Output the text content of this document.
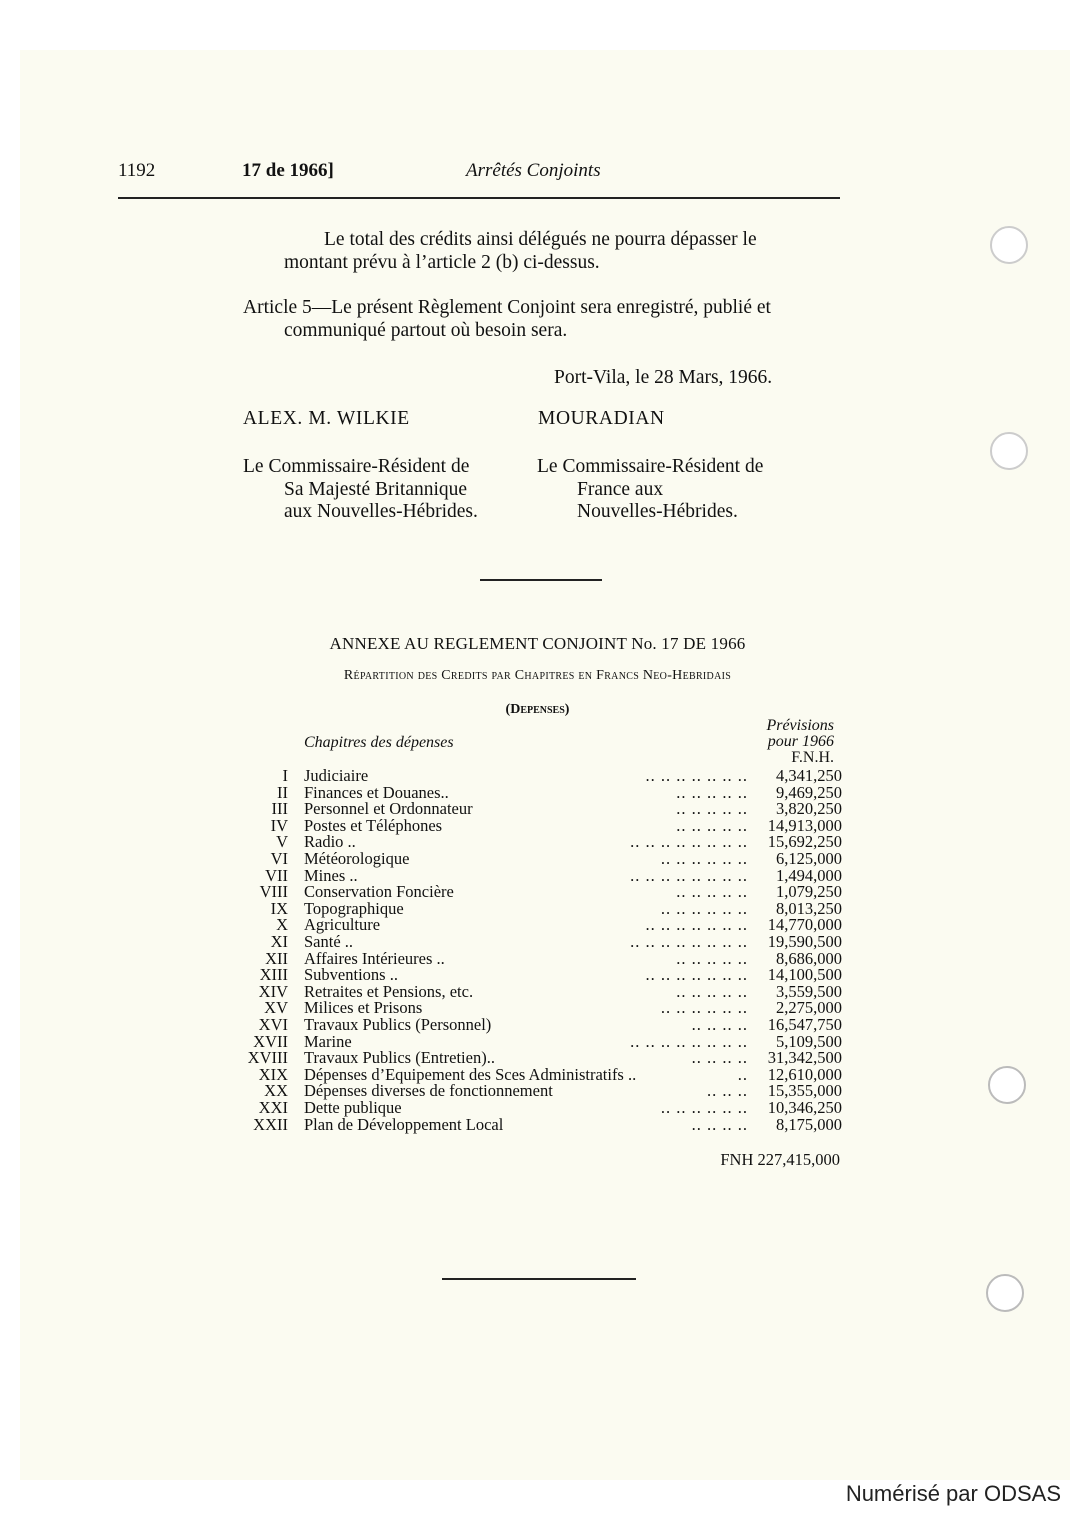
1192	17 de 1966]	Arrêtés Conjoints
Le total des crédits ainsi délégués ne pourra dépasser le
montant prévu à l’article 2 (b) ci-dessus.
Article 5—Le présent Règlement Conjoint sera enregistré, publié et
communiqué partout où besoin sera.
Port-Vila, le 28 Mars, 1966.
ALEX. M. WILKIE	MOURADIAN
Le Commissaire-Résident de
Sa Majesté Britannique
aux Nouvelles-Hébrides.
Le Commissaire-Résident de
France aux
Nouvelles-Hébrides.
ANNEXE AU REGLEMENT CONJOINT No. 17 DE 1966
Répartition des Credits par Chapitres en Francs Neo-Hebridais
(Depenses)
Chapitres des dépenses
Prévisions
pour 1966
F.N.H.
I Judiciaire	.. .. .. .. .. .. ..	4,341,250
II Finances et Douanes..	.. .. .. .. ..	9,469,250
III Personnel et Ordonnateur	.. .. .. .. ..	3,820,250
IV Postes et Téléphones	.. .. .. .. ..	14,913,000
V Radio ..	.. .. .. .. .. .. .. ..	15,692,250
VI Météorologique	.. .. .. .. .. ..	6,125,000
VII Mines ..	.. .. .. .. .. .. .. ..	1,494,000
VIII Conservation Foncière	.. .. .. .. ..	1,079,250
IX Topographique	.. .. .. .. .. ..	8,013,250
X Agriculture	.. .. .. .. .. .. ..	14,770,000
XI Santé ..	.. .. .. .. .. .. .. ..	19,590,500
XII Affaires Intérieures ..	.. .. .. .. ..	8,686,000
XIII Subventions ..	.. .. .. .. .. .. ..	14,100,500
XIV Retraites et Pensions, etc.	.. .. .. .. ..	3,559,500
XV Milices et Prisons	.. .. .. .. .. ..	2,275,000
XVI Travaux Publics (Personnel)	.. .. .. ..	16,547,750
XVII Marine	.. .. .. .. .. .. .. ..	5,109,500
XVIII Travaux Publics (Entretien)..	.. .. .. ..	31,342,500
XIX Dépenses d’Equipement des Sces Administratifs ..	..	12,610,000
XX Dépenses diverses de fonctionnement	.. .. ..	15,355,000
XXI Dette publique	.. .. .. .. .. ..	10,346,250
XXII Plan de Développement Local	.. .. .. ..	8,175,000
FNH 227,415,000
Numérisé par ODSAS
